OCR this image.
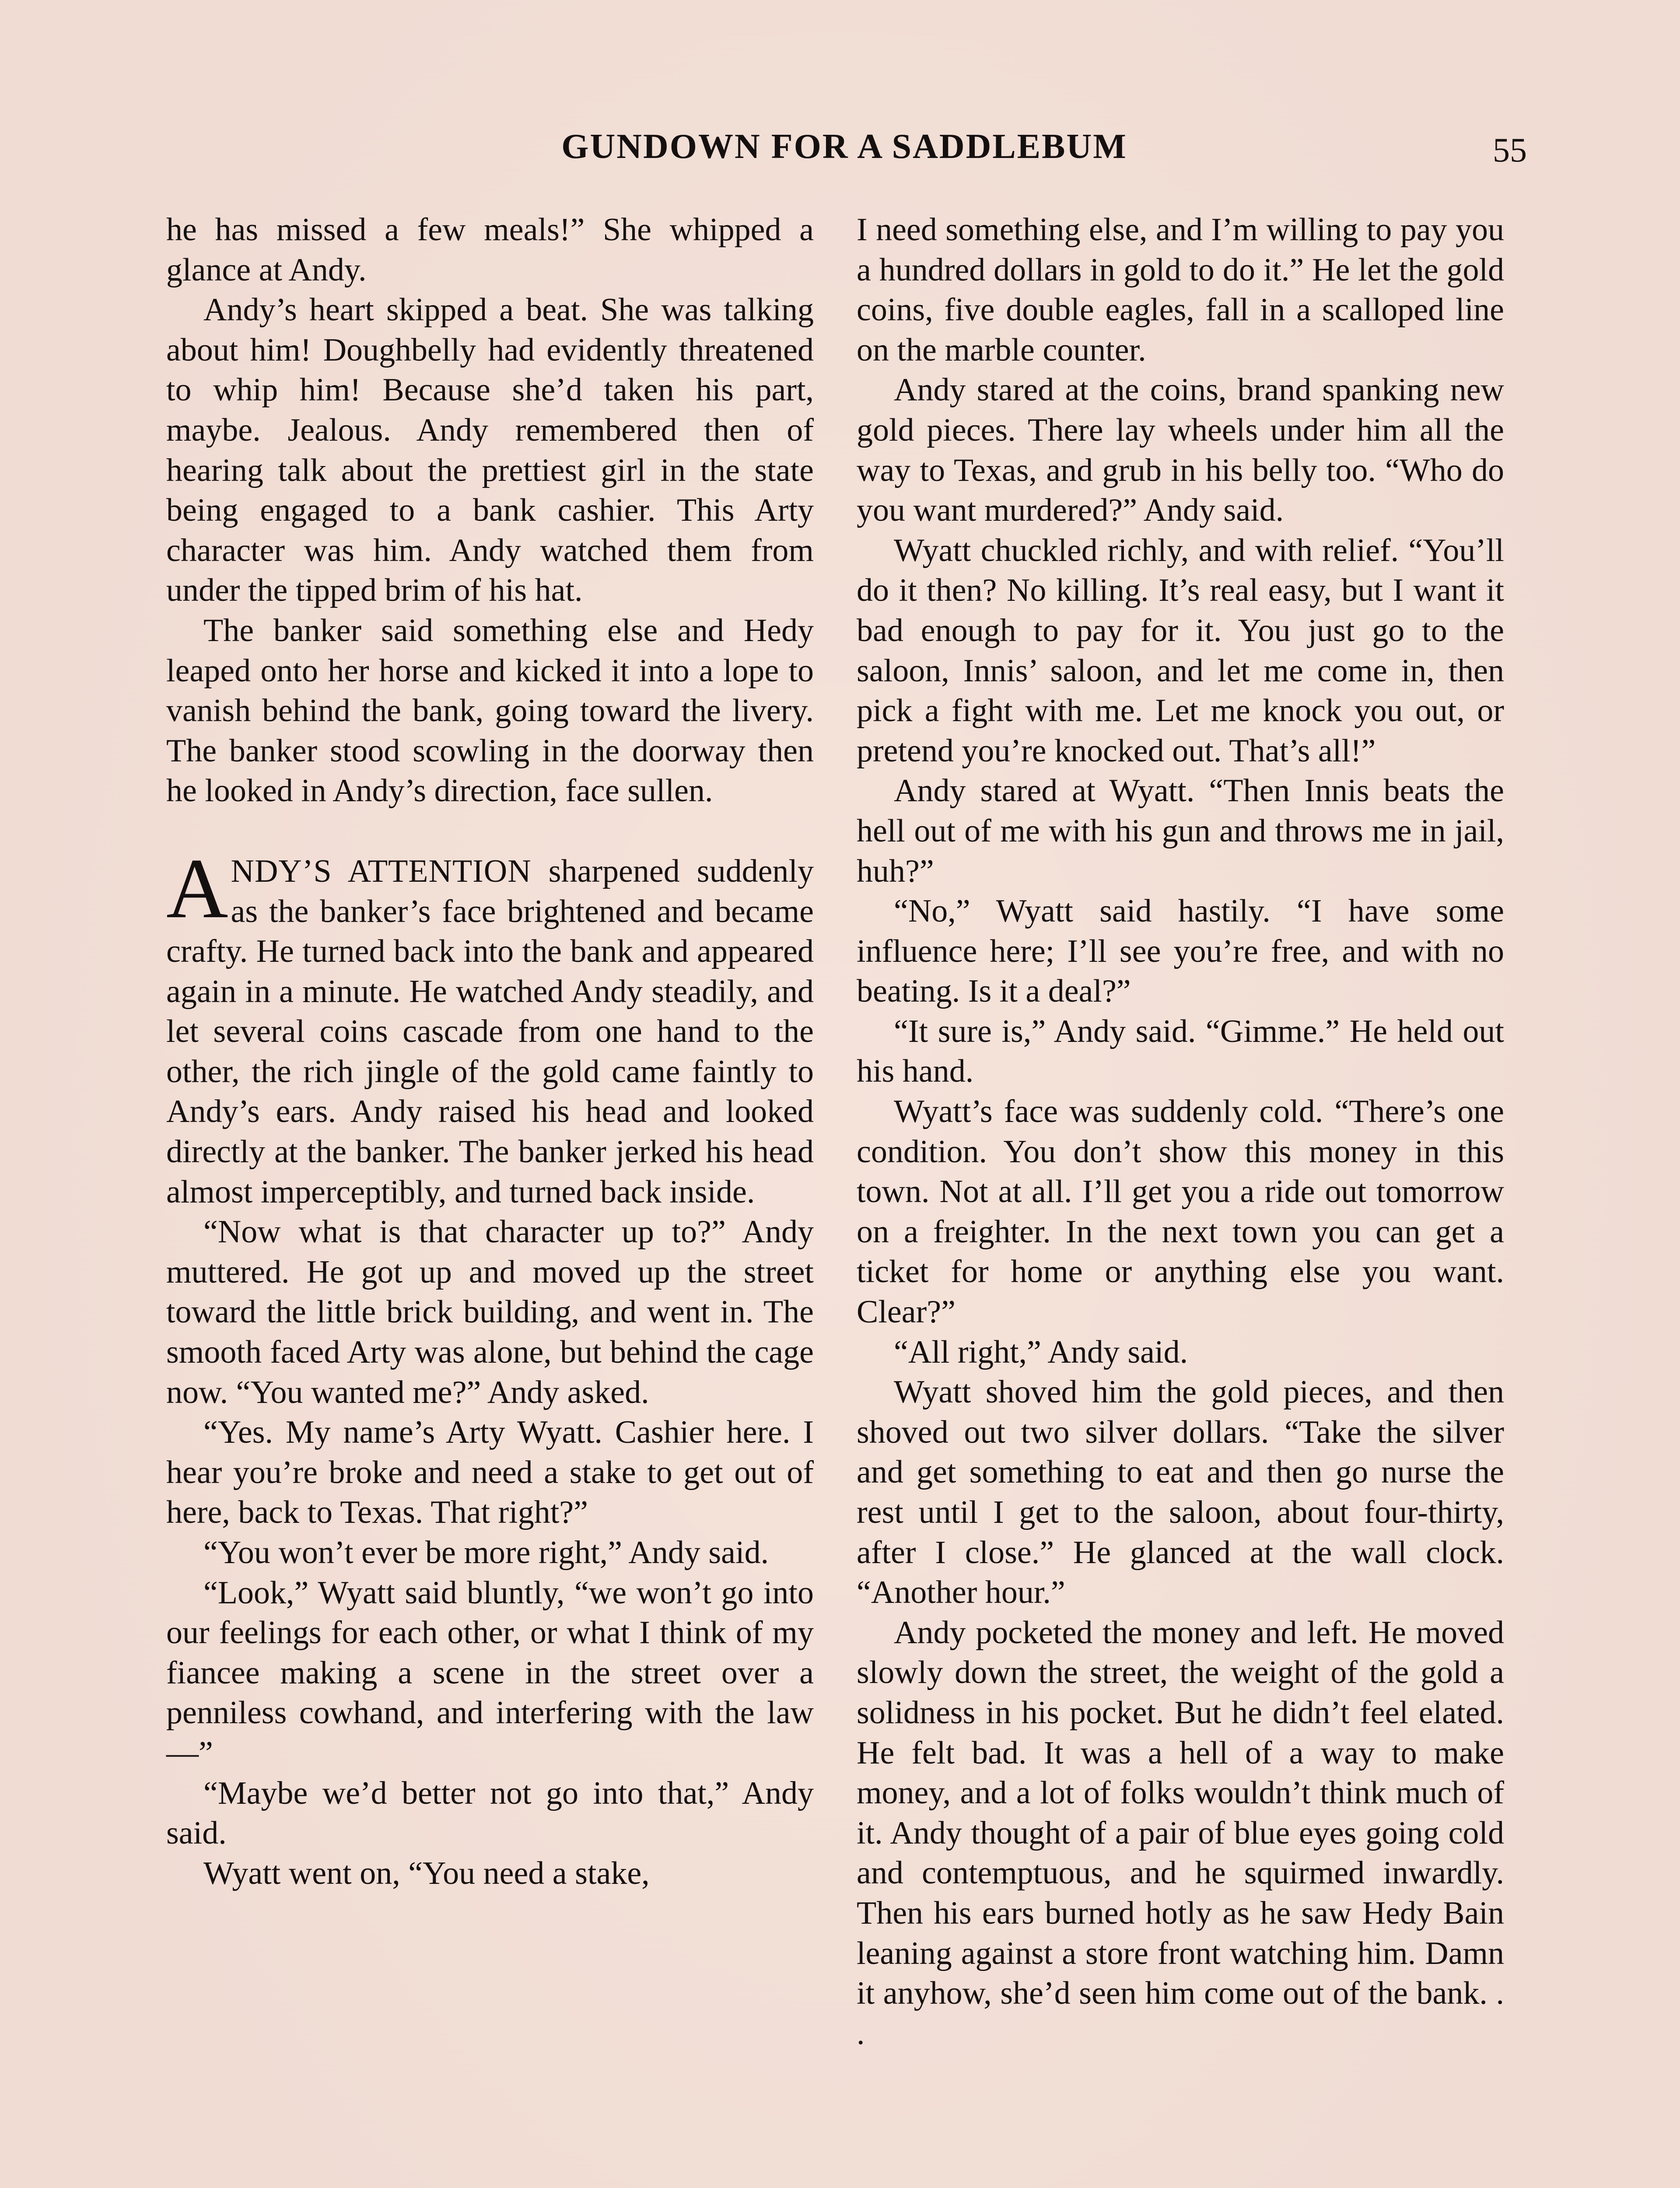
GUNDOWN FOR A SADDLEBUM	55

he has missed a few meals!” She whipped a glance at Andy.

Andy’s heart skipped a beat. She was talking about him! Doughbelly had evidently threatened to whip him! Because she’d taken his part, maybe. Jealous. Andy remembered then of hearing talk about the prettiest girl in the state being engaged to a bank cashier. This Arty character was him. Andy watched them from under the tipped brim of his hat.

The banker said something else and Hedy leaped onto her horse and kicked it into a lope to vanish behind the bank, going toward the livery. The banker stood scowling in the doorway then he looked in Andy’s direction, face sullen.

ANDY’S ATTENTION sharpened suddenly as the banker’s face brightened and became crafty. He turned back into the bank and appeared again in a minute. He watched Andy steadily, and let several coins cascade from one hand to the other, the rich jingle of the gold came faintly to Andy’s ears. Andy raised his head and looked directly at the banker. The banker jerked his head almost imperceptibly, and turned back inside.

“Now what is that character up to?” Andy muttered. He got up and moved up the street toward the little brick building, and went in. The smooth faced Arty was alone, but behind the cage now. “You wanted me?” Andy asked.

“Yes. My name’s Arty Wyatt. Cashier here. I hear you’re broke and need a stake to get out of here, back to Texas. That right?”

“You won’t ever be more right,” Andy said.

“Look,” Wyatt said bluntly, “we won’t go into our feelings for each other, or what I think of my fiancee making a scene in the street over a penniless cowhand, and interfering with the law—”

“Maybe we’d better not go into that,” Andy said.

Wyatt went on, “You need a stake,

I need something else, and I’m willing to pay you a hundred dollars in gold to do it.” He let the gold coins, five double eagles, fall in a scalloped line on the marble counter.

Andy stared at the coins, brand spanking new gold pieces. There lay wheels under him all the way to Texas, and grub in his belly too. “Who do you want murdered?” Andy said.

Wyatt chuckled richly, and with relief. “You’ll do it then? No killing. It’s real easy, but I want it bad enough to pay for it. You just go to the saloon, Innis’ saloon, and let me come in, then pick a fight with me. Let me knock you out, or pretend you’re knocked out. That’s all!”

Andy stared at Wyatt. “Then Innis beats the hell out of me with his gun and throws me in jail, huh?”

“No,” Wyatt said hastily. “I have some influence here; I’ll see you’re free, and with no beating. Is it a deal?”

“It sure is,” Andy said. “Gimme.” He held out his hand.

Wyatt’s face was suddenly cold. “There’s one condition. You don’t show this money in this town. Not at all. I’ll get you a ride out tomorrow on a freighter. In the next town you can get a ticket for home or anything else you want. Clear?”

“All right,” Andy said.

Wyatt shoved him the gold pieces, and then shoved out two silver dollars. “Take the silver and get something to eat and then go nurse the rest until I get to the saloon, about four-thirty, after I close.” He glanced at the wall clock. “Another hour.”

Andy pocketed the money and left. He moved slowly down the street, the weight of the gold a solidness in his pocket. But he didn’t feel elated. He felt bad. It was a hell of a way to make money, and a lot of folks wouldn’t think much of it. Andy thought of a pair of blue eyes going cold and contemptuous, and he squirmed inwardly. Then his ears burned hotly as he saw Hedy Bain leaning against a store front watching him. Damn it anyhow, she’d seen him come out of the bank. . .
